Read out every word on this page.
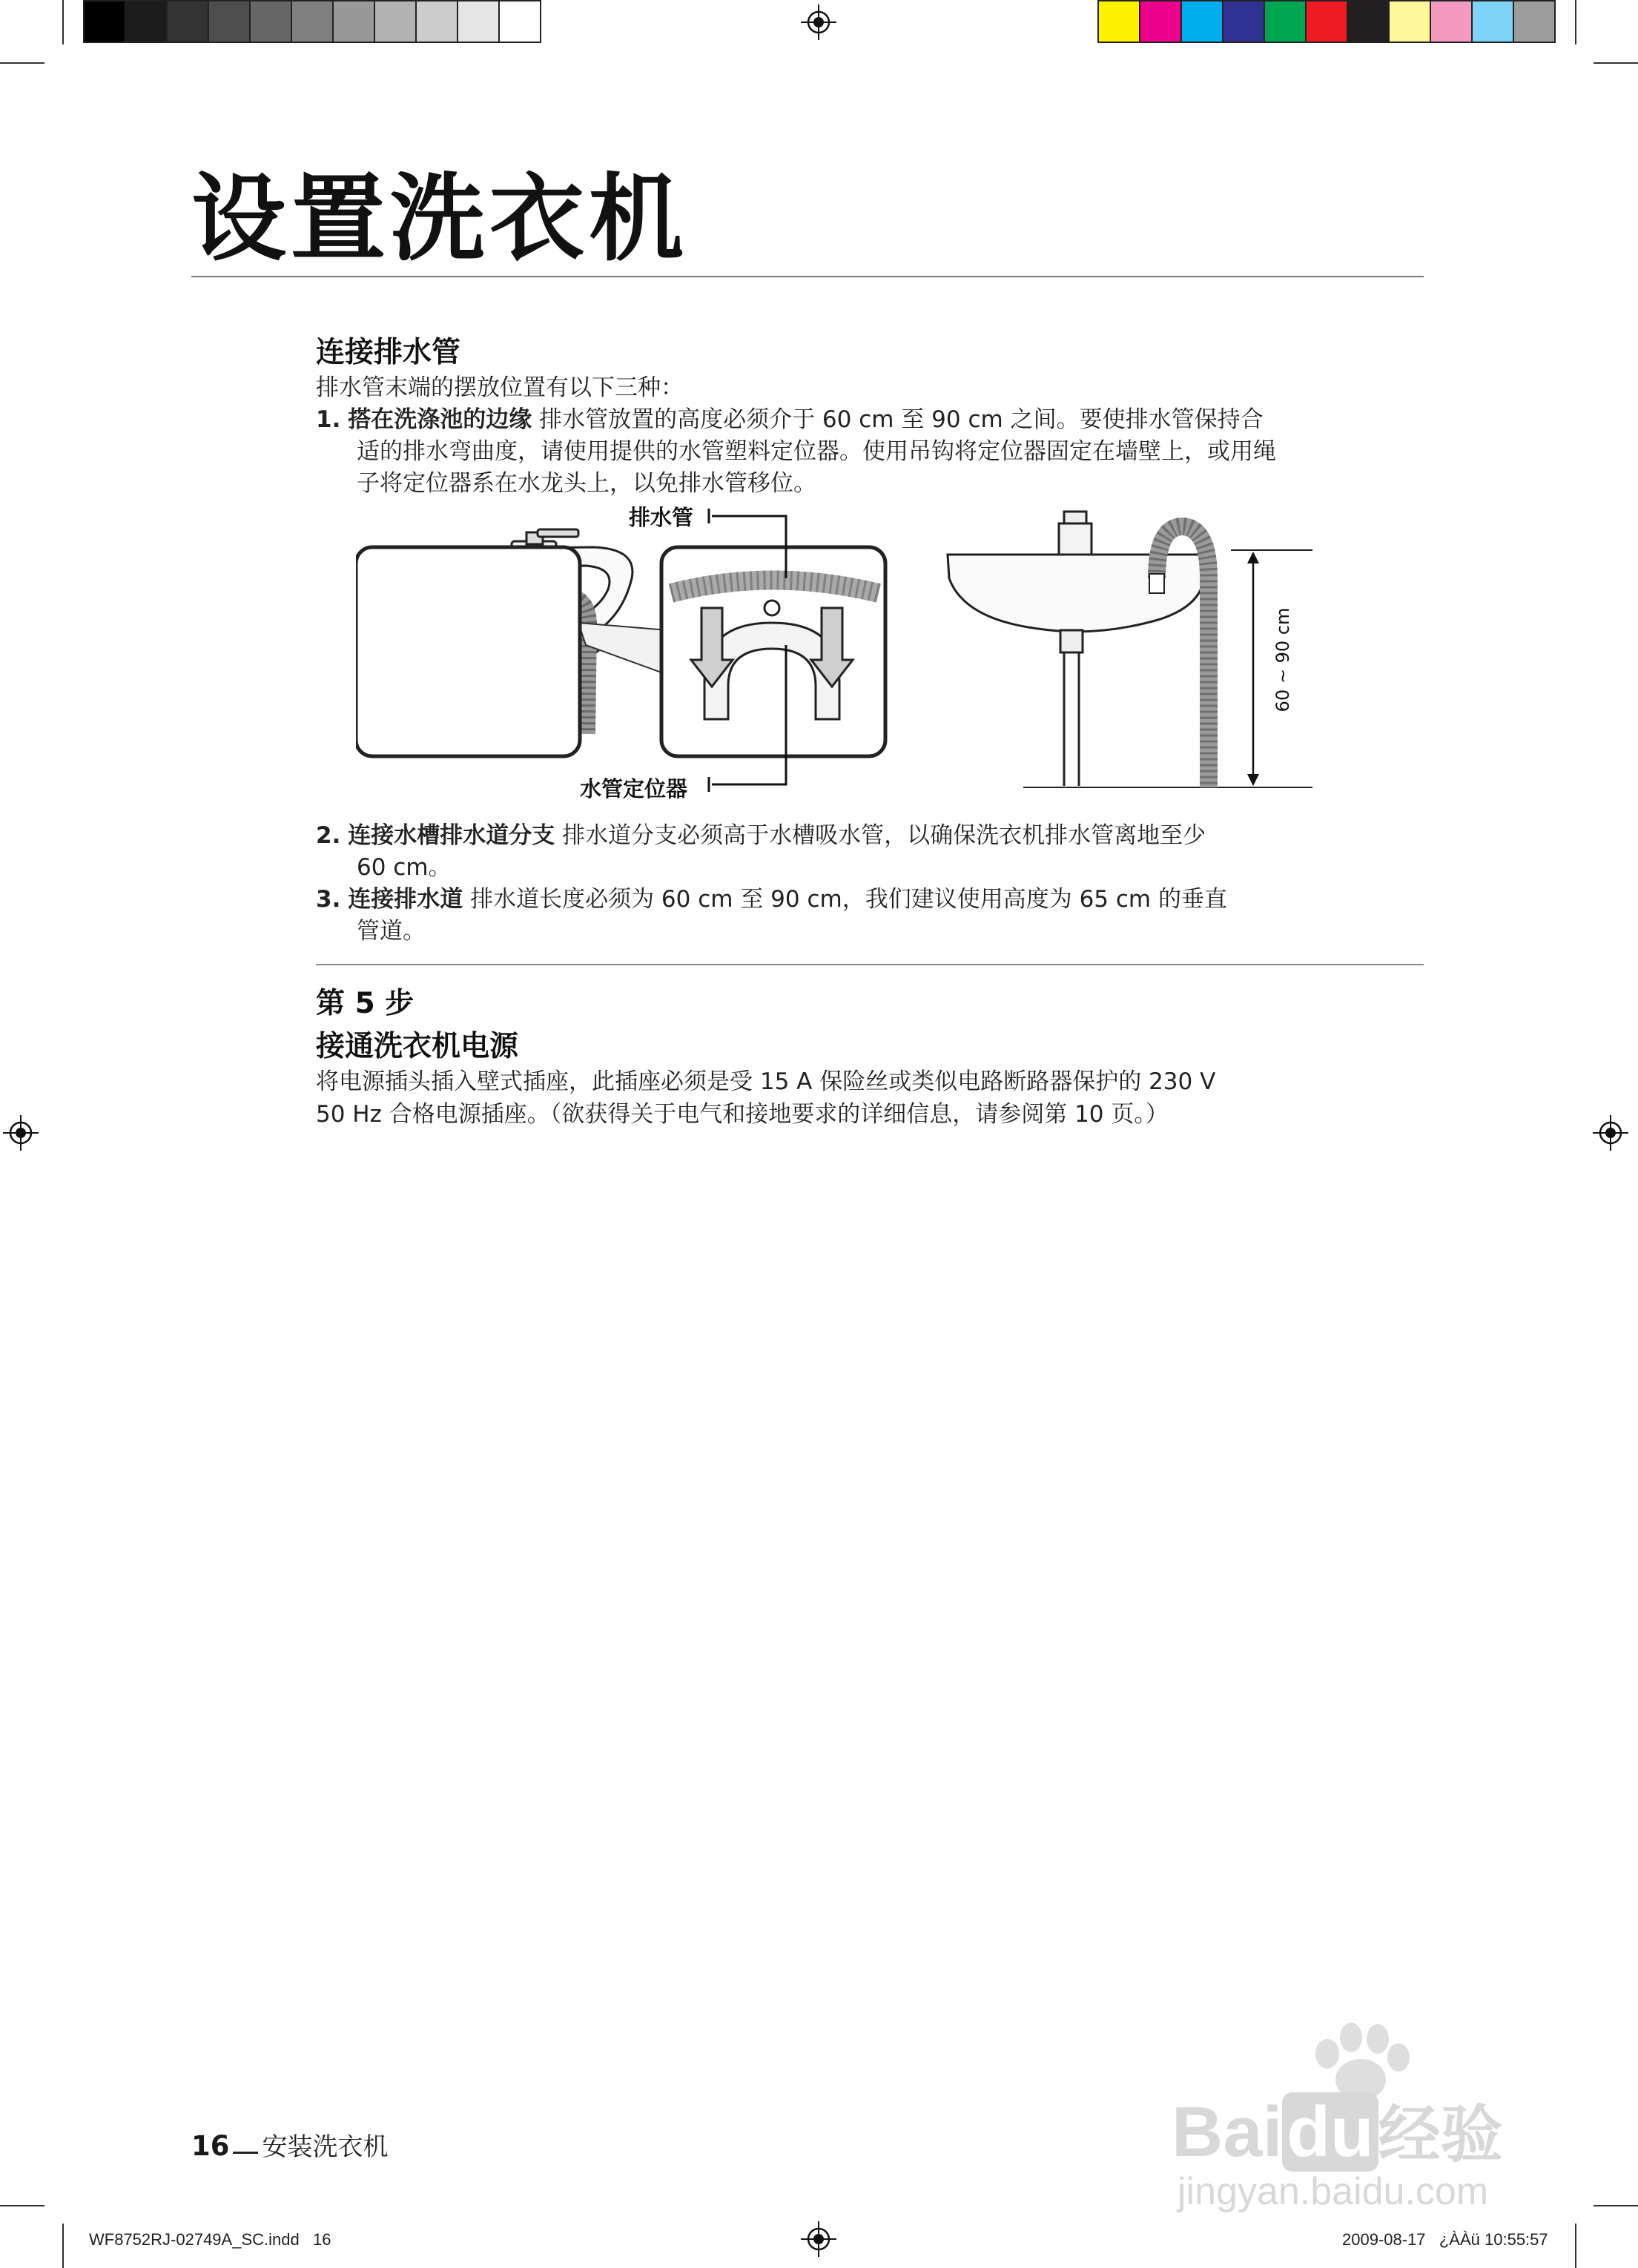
设置洗衣机
连接排水管
排水管末端的摆放位置有以下三种：
1. 搭在洗涤池的边缘 排水管放置的高度必须介于 60 cm 至 90 cm 之间。要使排水管保持合
适的排水弯曲度，请使用提供的水管塑料定位器。使用吊钩将定位器固定在墙壁上，或用绳
子将定位器系在水龙头上，以免排水管移位。
排水管
水管定位器
60 ~ 90 cm
2. 连接水槽排水道分支 排水道分支必须高于水槽吸水管，以确保洗衣机排水管离地至少
60 cm。
3. 连接排水道 排水道长度必须为 60 cm 至 90 cm，我们建议使用高度为 65 cm 的垂直
管道。
第 5 步
接通洗衣机电源
将电源插头插入壁式插座，此插座必须是受 15 A 保险丝或类似电路断路器保护的 230 V
50 Hz 合格电源插座。（欲获得关于电气和接地要求的详细信息，请参阅第 10 页。）
Baidu经验
jingyan.baidu.com
16 安装洗衣机
WF8752RJ-02749A_SC.indd   16	2009-08-17   ¿ÀÀü 10:55:57
